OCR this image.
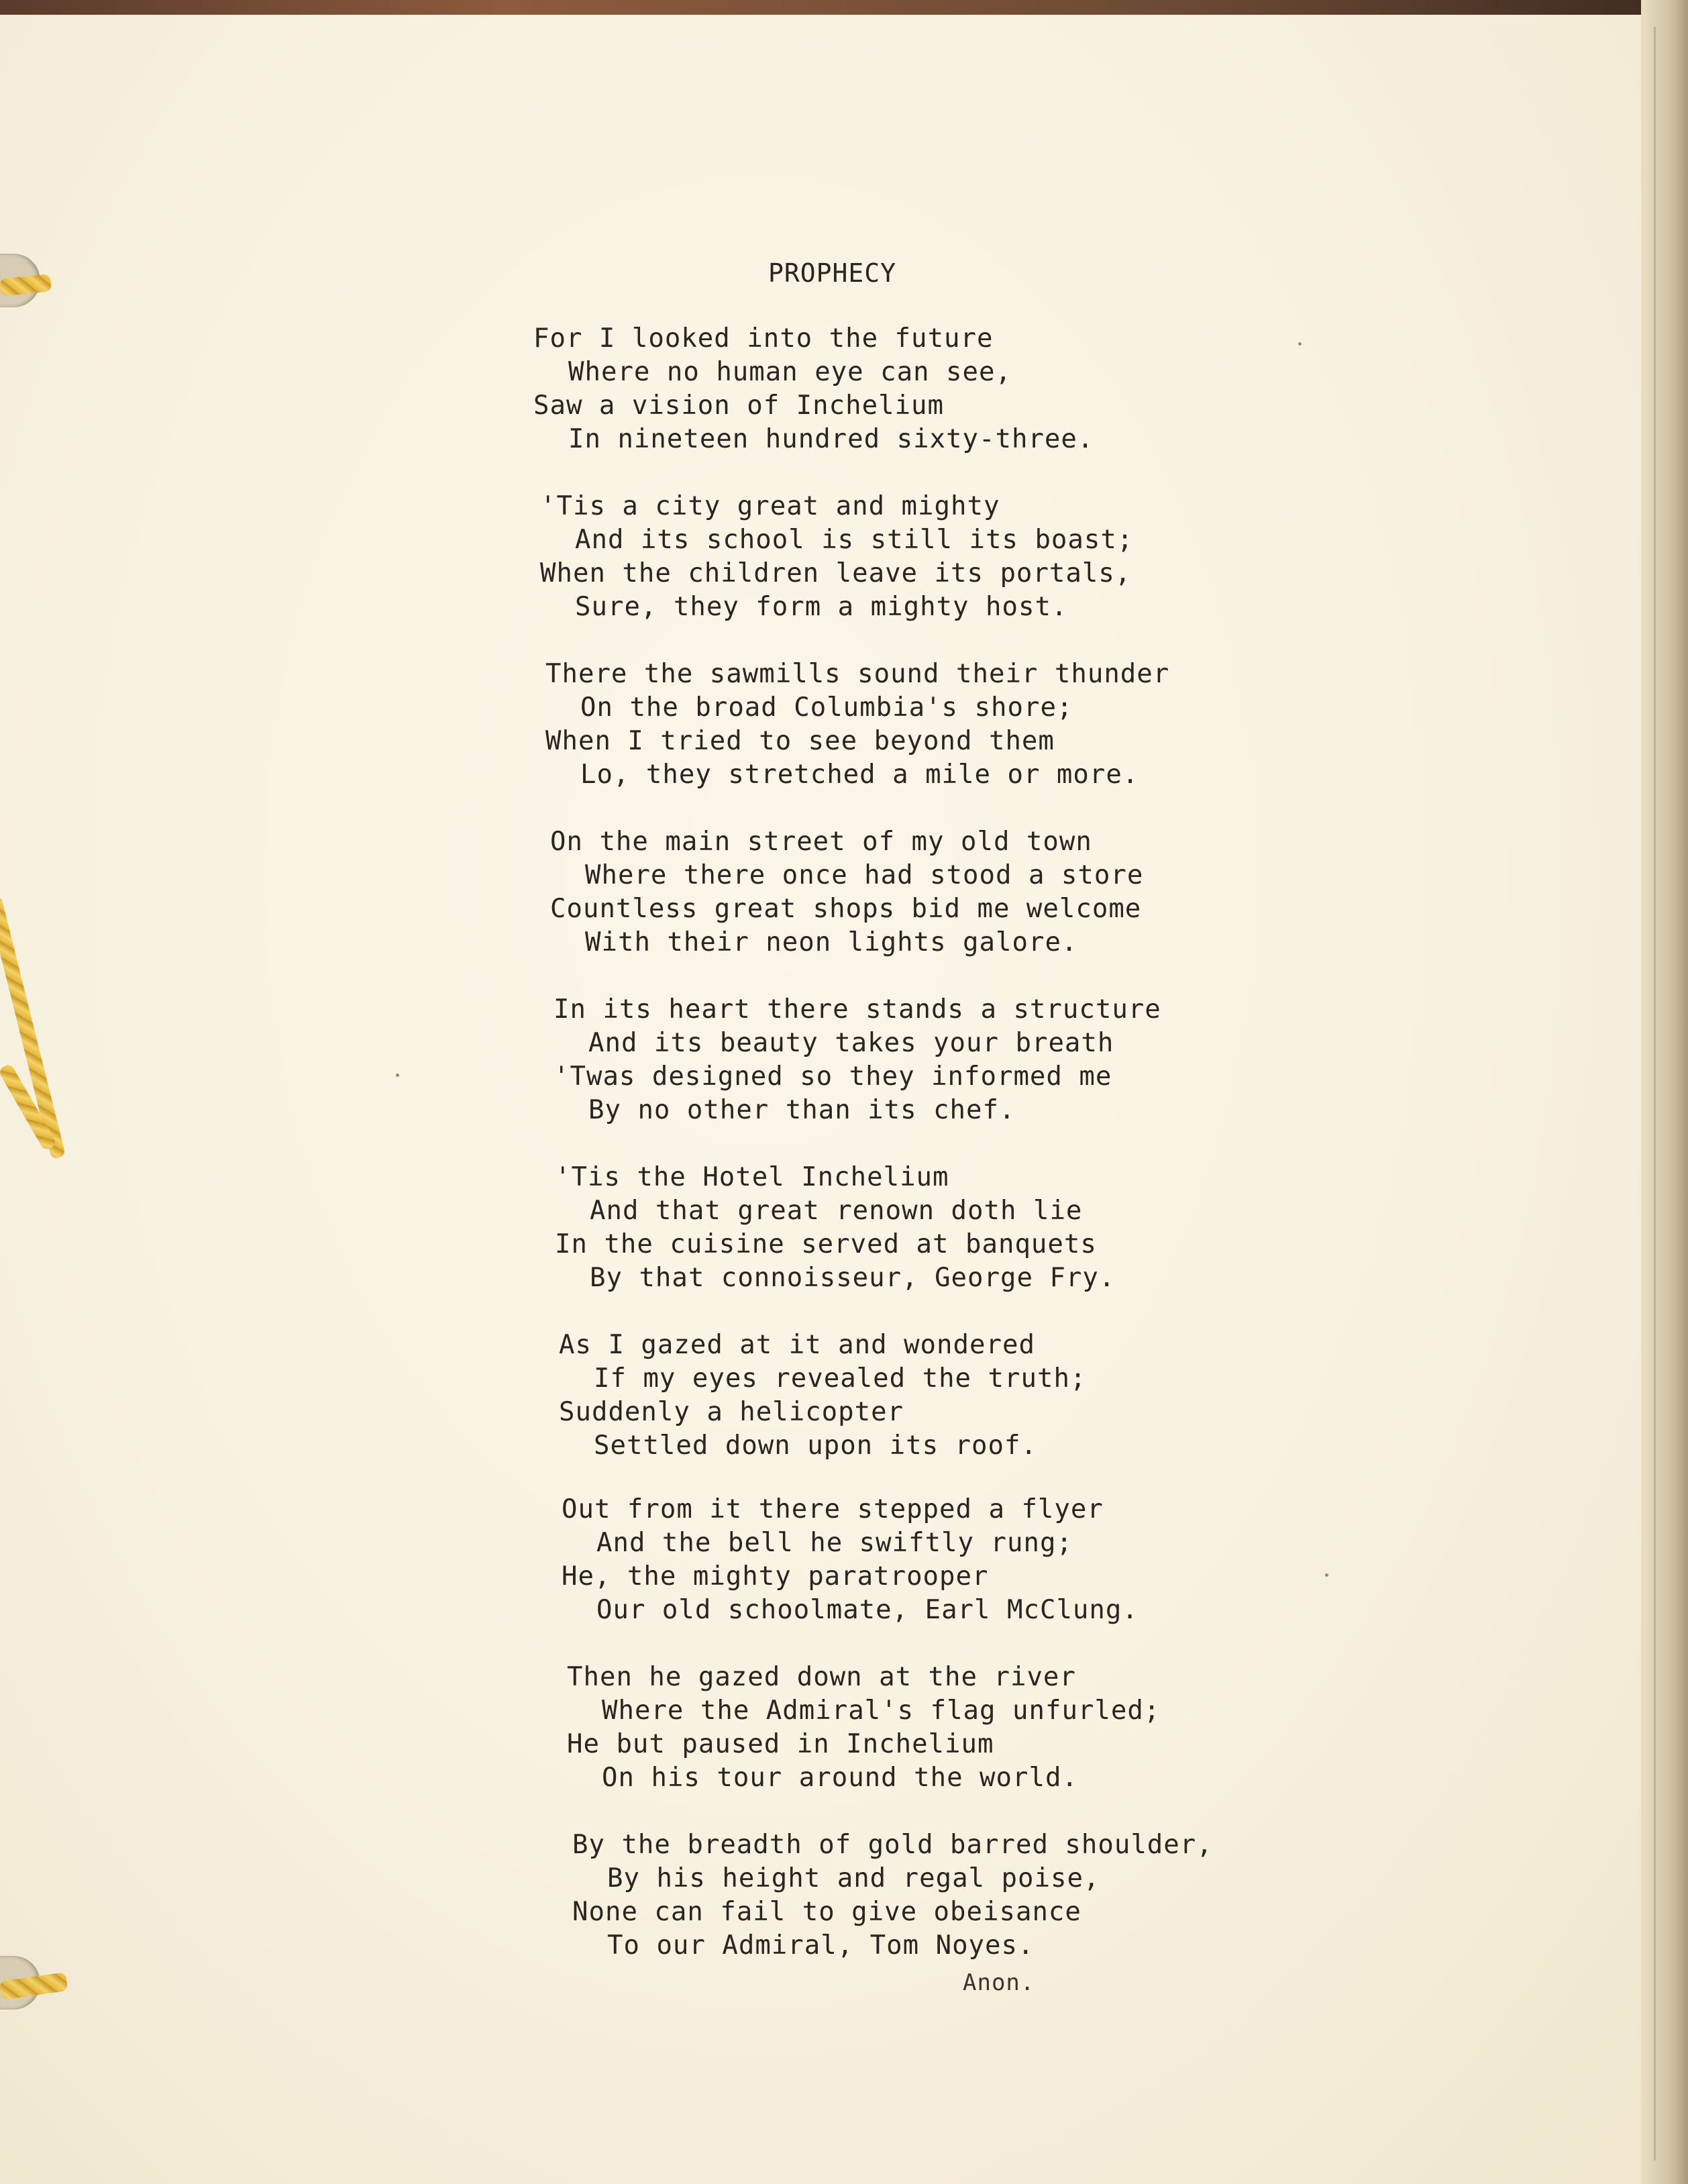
PROPHECY
For I looked into the future
Where no human eye can see,
Saw a vision of Inchelium
In nineteen hundred sixty-three.
'Tis a city great and mighty
And its school is still its boast;
When the children leave its portals,
Sure, they form a mighty host.
There the sawmills sound their thunder
On the broad Columbia's shore;
When I tried to see beyond them
Lo, they stretched a mile or more.
On the main street of my old town
Where there once had stood a store
Countless great shops bid me welcome
With their neon lights galore.
In its heart there stands a structure
And its beauty takes your breath
'Twas designed so they informed me
By no other than its chef.
'Tis the Hotel Inchelium
And that great renown doth lie
In the cuisine served at banquets
By that connoisseur, George Fry.
As I gazed at it and wondered
If my eyes revealed the truth;
Suddenly a helicopter
Settled down upon its roof.
Out from it there stepped a flyer
And the bell he swiftly rung;
He, the mighty paratrooper
Our old schoolmate, Earl McClung.
Then he gazed down at the river
Where the Admiral's flag unfurled;
He but paused in Inchelium
On his tour around the world.
By the breadth of gold barred shoulder,
By his height and regal poise,
None can fail to give obeisance
To our Admiral, Tom Noyes.
Anon.
